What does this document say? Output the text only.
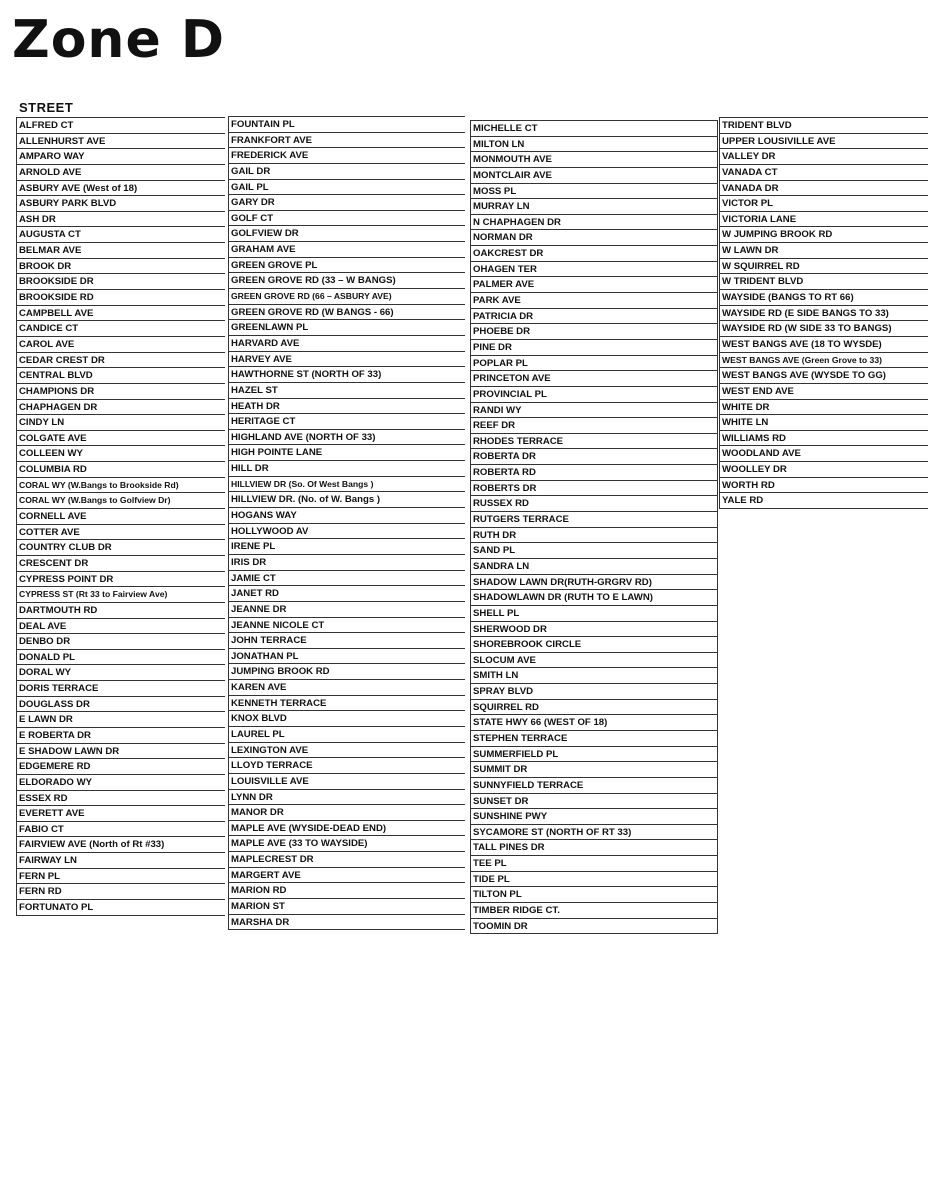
Zone D
STREET
ALFRED CT
ALLENHURST AVE
AMPARO WAY
ARNOLD AVE
ASBURY AVE (West of 18)
ASBURY PARK BLVD
ASH DR
AUGUSTA CT
BELMAR AVE
BROOK DR
BROOKSIDE DR
BROOKSIDE RD
CAMPBELL AVE
CANDICE CT
CAROL AVE
CEDAR CREST DR
CENTRAL BLVD
CHAMPIONS DR
CHAPHAGEN DR
CINDY LN
COLGATE AVE
COLLEEN WY
COLUMBIA RD
CORAL WY (W.Bangs to Brookside Rd)
CORAL WY (W.Bangs to Golfview Dr)
CORNELL AVE
COTTER AVE
COUNTRY CLUB DR
CRESCENT DR
CYPRESS POINT DR
CYPRESS ST (Rt 33 to Fairview Ave)
DARTMOUTH RD
DEAL AVE
DENBO DR
DONALD PL
DORAL WY
DORIS TERRACE
DOUGLASS DR
E LAWN DR
E ROBERTA DR
E SHADOW LAWN DR
EDGEMERE RD
ELDORADO WY
ESSEX RD
EVERETT AVE
FABIO CT
FAIRVIEW AVE (North of Rt #33)
FAIRWAY LN
FERN PL
FERN RD
FORTUNATO PL
FOUNTAIN PL
FRANKFORT AVE
FREDERICK AVE
GAIL DR
GAIL PL
GARY DR
GOLF CT
GOLFVIEW DR
GRAHAM AVE
GREEN GROVE PL
GREEN GROVE RD (33 – W BANGS)
GREEN GROVE RD (66 – ASBURY AVE)
GREEN GROVE RD (W BANGS - 66)
GREENLAWN PL
HARVARD AVE
HARVEY AVE
HAWTHORNE ST (NORTH OF 33)
HAZEL ST
HEATH DR
HERITAGE CT
HIGHLAND AVE (NORTH OF 33)
HIGH POINTE LANE
HILL DR
HILLVIEW DR (So. Of West Bangs )
HILLVIEW DR. (No. of W. Bangs )
HOGANS WAY
HOLLYWOOD AV
IRENE PL
IRIS DR
JAMIE CT
JANET RD
JEANNE DR
JEANNE NICOLE CT
JOHN TERRACE
JONATHAN PL
JUMPING BROOK RD
KAREN AVE
KENNETH TERRACE
KNOX BLVD
LAUREL PL
LEXINGTON AVE
LLOYD TERRACE
LOUISVILLE AVE
LYNN DR
MANOR DR
MAPLE AVE (WYSIDE-DEAD END)
MAPLE AVE (33 TO WAYSIDE)
MAPLECREST DR
MARGERT AVE
MARION RD
MARION ST
MARSHA DR
MICHELLE CT
MILTON LN
MONMOUTH AVE
MONTCLAIR AVE
MOSS PL
MURRAY LN
N CHAPHAGEN DR
NORMAN DR
OAKCREST DR
OHAGEN TER
PALMER AVE
PARK AVE
PATRICIA DR
PHOEBE DR
PINE DR
POPLAR PL
PRINCETON AVE
PROVINCIAL PL
RANDI WY
REEF DR
RHODES TERRACE
ROBERTA DR
ROBERTA RD
ROBERTS DR
RUSSEX RD
RUTGERS TERRACE
RUTH DR
SAND PL
SANDRA LN
SHADOW LAWN DR(RUTH-GRGRV RD)
SHADOWLAWN DR (RUTH TO E LAWN)
SHELL PL
SHERWOOD DR
SHOREBROOK CIRCLE
SLOCUM AVE
SMITH LN
SPRAY BLVD
SQUIRREL RD
STATE HWY 66 (WEST OF 18)
STEPHEN TERRACE
SUMMERFIELD PL
SUMMIT DR
SUNNYFIELD TERRACE
SUNSET DR
SUNSHINE PWY
SYCAMORE ST (NORTH OF RT 33)
TALL PINES DR
TEE PL
TIDE PL
TILTON PL
TIMBER RIDGE CT.
TOOMIN DR
TRIDENT BLVD
UPPER LOUSIVILLE AVE
VALLEY DR
VANADA CT
VANADA DR
VICTOR PL
VICTORIA LANE
W JUMPING BROOK RD
W LAWN DR
W SQUIRREL RD
W TRIDENT BLVD
WAYSIDE (BANGS TO RT 66)
WAYSIDE RD (E SIDE BANGS TO 33)
WAYSIDE RD (W SIDE 33 TO BANGS)
WEST BANGS AVE (18 TO WYSDE)
WEST BANGS AVE (Green Grove to 33)
WEST BANGS AVE (WYSDE TO GG)
WEST END AVE
WHITE DR
WHITE LN
WILLIAMS RD
WOODLAND AVE
WOOLLEY DR
WORTH RD
YALE RD
